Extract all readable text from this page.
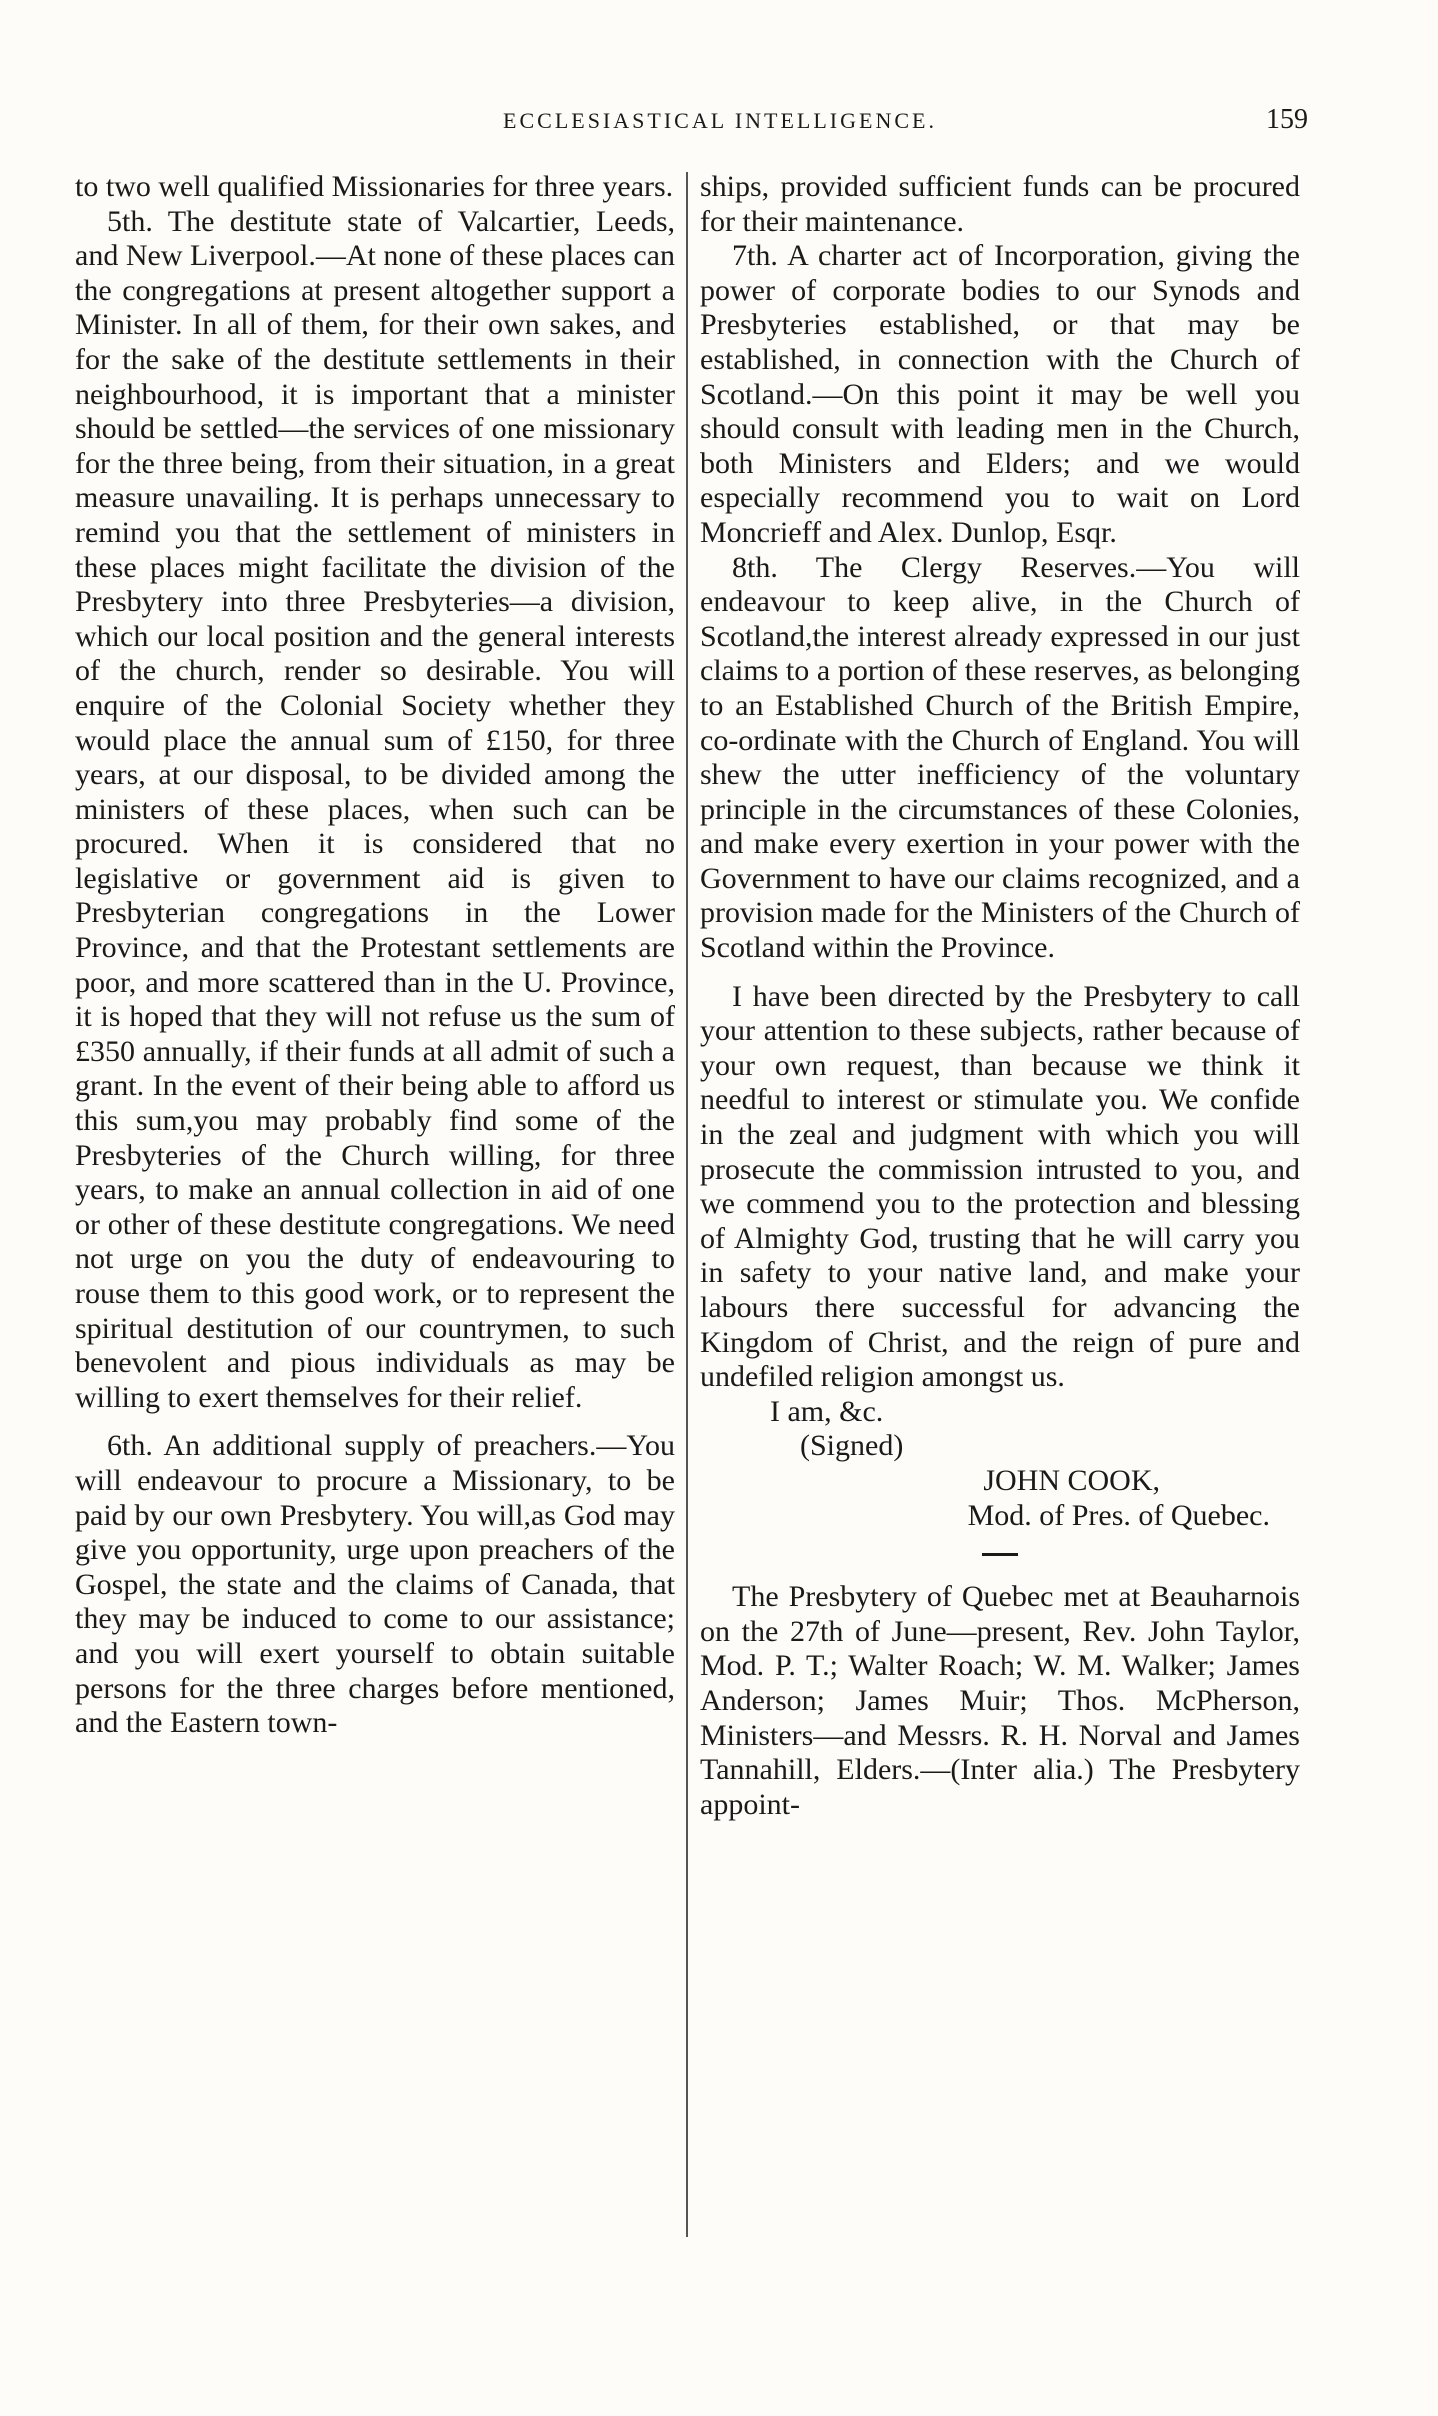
ECCLESIASTICAL INTELLIGENCE.	159

to two well qualified Missionaries for three years.

5th. The destitute state of Valcartier, Leeds, and New Liverpool.—At none of these places can the congregations at present altogether support a Minister. In all of them, for their own sakes, and for the sake of the destitute settlements in their neighbourhood, it is important that a minister should be settled—the services of one missionary for the three being, from their situation, in a great measure unavailing. It is perhaps unnecessary to remind you that the settlement of ministers in these places might facilitate the division of the Presbytery into three Presbyteries—a division, which our local position and the general interests of the church, render so desirable. You will enquire of the Colonial Society whether they would place the annual sum of £150, for three years, at our disposal, to be divided among the ministers of these places, when such can be procured. When it is considered that no legislative or government aid is given to Presbyterian congregations in the Lower Province, and that the Protestant settlements are poor, and more scattered than in the U. Province, it is hoped that they will not refuse us the sum of £350 annually, if their funds at all admit of such a grant. In the event of their being able to afford us this sum,you may probably find some of the Presbyteries of the Church willing, for three years, to make an annual collection in aid of one or other of these destitute congregations. We need not urge on you the duty of endeavouring to rouse them to this good work, or to represent the spiritual destitution of our countrymen, to such benevolent and pious individuals as may be willing to exert themselves for their relief.

6th. An additional supply of preachers.—You will endeavour to procure a Missionary, to be paid by our own Presbytery. You will,as God may give you opportunity, urge upon preachers of the Gospel, the state and the claims of Canada, that they may be induced to come to our assistance; and you will exert yourself to obtain suitable persons for the three charges before mentioned, and the Eastern town-

ships, provided sufficient funds can be procured for their maintenance.

7th. A charter act of Incorporation, giving the power of corporate bodies to our Synods and Presbyteries established, or that may be established, in connection with the Church of Scotland.—On this point it may be well you should consult with leading men in the Church, both Ministers and Elders; and we would especially recommend you to wait on Lord Moncrieff and Alex. Dunlop, Esqr.

8th. The Clergy Reserves.—You will endeavour to keep alive, in the Church of Scotland,the interest already expressed in our just claims to a portion of these reserves, as belonging to an Established Church of the British Empire, co-ordinate with the Church of England. You will shew the utter inefficiency of the voluntary principle in the circumstances of these Colonies, and make every exertion in your power with the Government to have our claims recognized, and a provision made for the Ministers of the Church of Scotland within the Province.

I have been directed by the Presbytery to call your attention to these subjects, rather because of your own request, than because we think it needful to interest or stimulate you. We confide in the zeal and judgment with which you will prosecute the commission intrusted to you, and we commend you to the protection and blessing of Almighty God, trusting that he will carry you in safety to your native land, and make your labours there successful for advancing the Kingdom of Christ, and the reign of pure and undefiled religion amongst us.

I am, &c.
(Signed)
JOHN COOK,
Mod. of Pres. of Quebec.

The Presbytery of Quebec met at Beauharnois on the 27th of June—present, Rev. John Taylor, Mod. P. T.; Walter Roach; W. M. Walker; James Anderson; James Muir; Thos. McPherson, Ministers—and Messrs. R. H. Norval and James Tannahill, Elders.—(Inter alia.) The Presbytery appoint-
